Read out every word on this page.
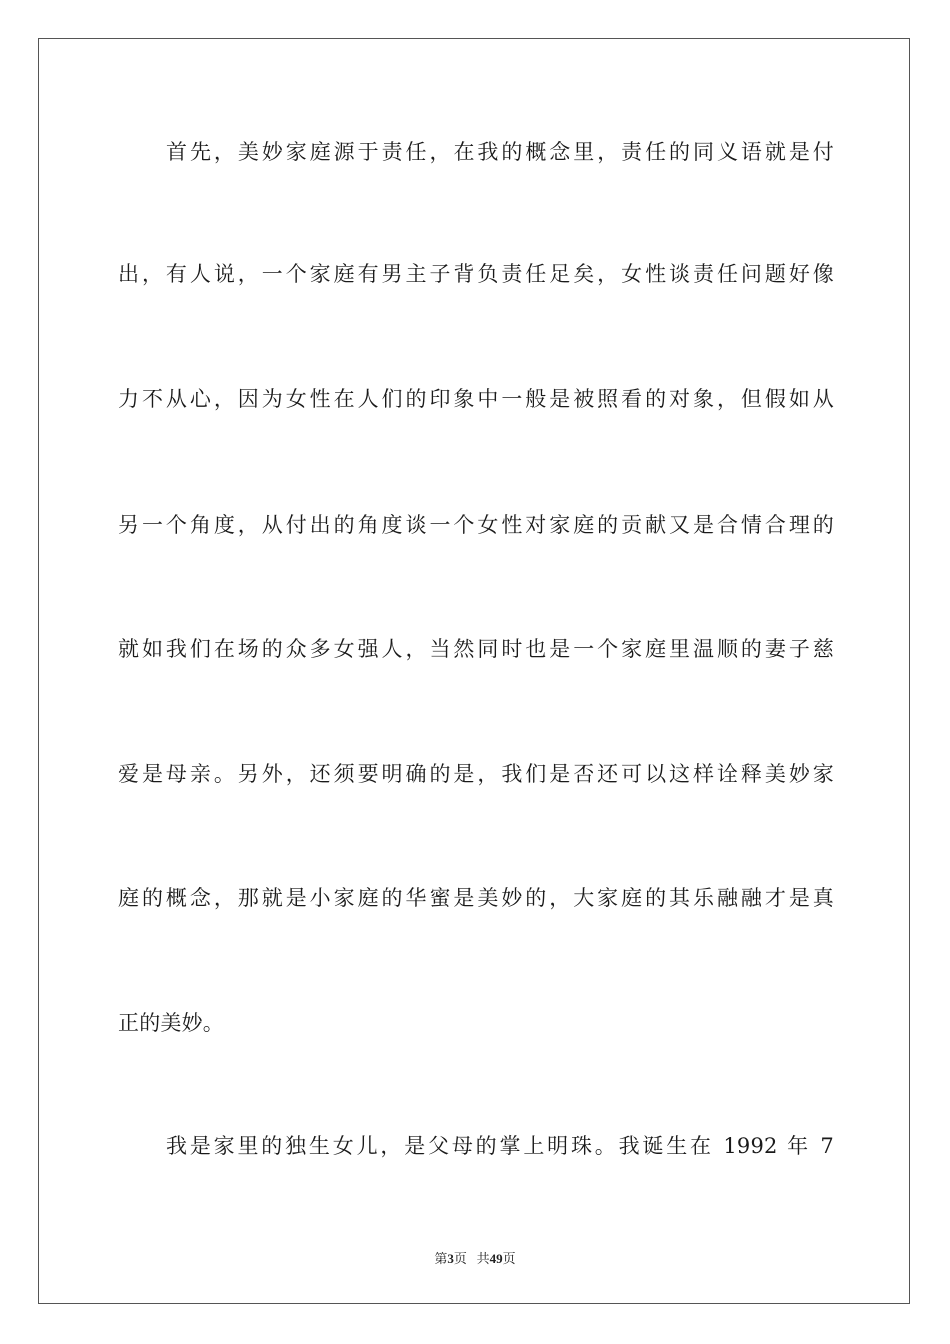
首先，美妙家庭源于责任，在我的概念里，责任的同义语就是付
出，有人说，一个家庭有男主子背负责任足矣，女性谈责任问题好像
力不从心，因为女性在人们的印象中一般是被照看的对象，但假如从
另一个角度，从付出的角度谈一个女性对家庭的贡献又是合情合理的
就如我们在场的众多女强人，当然同时也是一个家庭里温顺的妻子慈
爱是母亲。另外，还须要明确的是，我们是否还可以这样诠释美妙家
庭的概念，那就是小家庭的华蜜是美妙的，大家庭的其乐融融才是真
正的美妙。
我是家里的独生女儿，是父母的掌上明珠。我诞生在 1992 年 7
第3页 共49页
